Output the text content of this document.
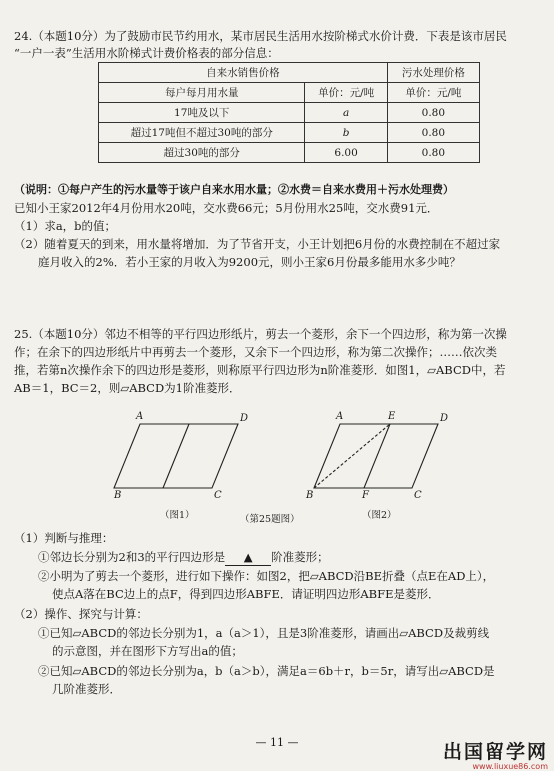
24.（本题10分）为了鼓励市民节约用水，某市居民生活用水按阶梯式水价计费．下表是该市居民
“一户一表”生活用水阶梯式计费价格表的部分信息：
自来水销售价格		污水处理价格
每户每月用水量	单价：元/吨	单价：元/吨
17吨及以下	a	0.80
超过17吨但不超过30吨的部分	b	0.80
超过30吨的部分	6.00	0.80
（说明：①每户产生的污水量等于该户自来水用水量；②水费＝自来水费用＋污水处理费）
已知小王家2012年4月份用水20吨，交水费66元；5月份用水25吨，交水费91元．
（1）求a，b的值；
（2）随着夏天的到来，用水量将增加．为了节省开支，小王计划把6月份的水费控制在不超过家
庭月收入的2%．若小王家的月收入为9200元，则小王家6月份最多能用水多少吨？
25.（本题10分）邻边不相等的平行四边形纸片，剪去一个菱形，余下一个四边形，称为第一次操
作；在余下的四边形纸片中再剪去一个菱形，又余下一个四边形，称为第二次操作；……依次类
推，若第n次操作余下的四边形是菱形，则称原平行四边形为n阶准菱形．如图1，▱ABCD中，若
AB＝1，BC＝2，则▱ABCD为1阶准菱形．
A	D
B	C
（图1）
A	E	D
B	F	C
（图2）
（第25题图）
（1）判断与推理：
①邻边长分别为2和3的平行四边形是 ▲ 阶准菱形；
②小明为了剪去一个菱形，进行如下操作：如图2，把▱ABCD沿BE折叠（点E在AD上），
使点A落在BC边上的点F，得到四边形ABFE．请证明四边形ABFE是菱形．
（2）操作、探究与计算：
①已知▱ABCD的邻边长分别为1，a（a＞1），且是3阶准菱形，请画出▱ABCD及裁剪线
的示意图，并在图形下方写出a的值；
②已知▱ABCD的邻边长分别为a，b（a＞b），满足a＝6b＋r，b＝5r，请写出▱ABCD是
几阶准菱形．
— 11 —	出国留学网
www.liuxue86.com
